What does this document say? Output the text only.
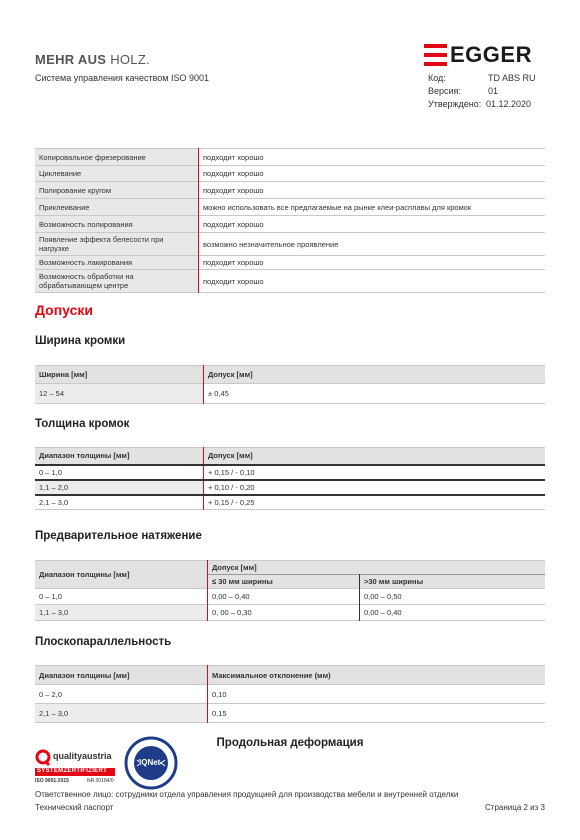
MEHR AUS HOLZ.
Система управления качеством ISO 9001
EGGER
Код:	TD ABS RU
Версия:	01
Утверждено: 01.12.2020
Копировальное фрезерование	подходит хорошо
Циклевание	подходит хорошо
Полирование кругом	подходит хорошо
Приклеивание	можно использовать все предлагаемые на рынке клеи-расплавы для кромок
Возможность полирования	подходит хорошо
Появление эффекта белесости при нагрузке	возможно незначительное проявление
Возможность лакирования	подходит хорошо
Возможность обработки на обрабатывающем центре	подходит хорошо
Допуски
Ширина кромки
Ширина [мм]	Допуск [мм]
12 – 54	± 0,45
Толщина кромок
Диапазон толщины [мм]	Допуск [мм]
0 – 1,0	+ 0,15 / - 0,10
1,1 – 2,0	+ 0,10 / - 0,20
2,1 – 3,0	+ 0,15 / - 0,25
Предварительное натяжение
Диапазон толщины [мм]	Допуск [мм]	
	≤ 30 мм ширины	>30 мм ширины
0 – 1,0	0,00 – 0,40	0,00 – 0,50
1,1 – 3,0	0, 00 – 0,30	0,00 – 0,40
Плоскопараллельность
Диапазон толщины [мм]	Максимальное отклонение (мм)
0 – 2,0	0,10
2,1 – 3,0	0,15
Продольная деформация
qualityaustria
SYSTEMZERTIFIZIERT
ISO 9001:2015	NR.00184/0
IQNet
Ответственное лицо: сотрудники отдела управления продукцией для производства мебели и внутренней отделки
Технический паспорт	Страница 2 из 3
